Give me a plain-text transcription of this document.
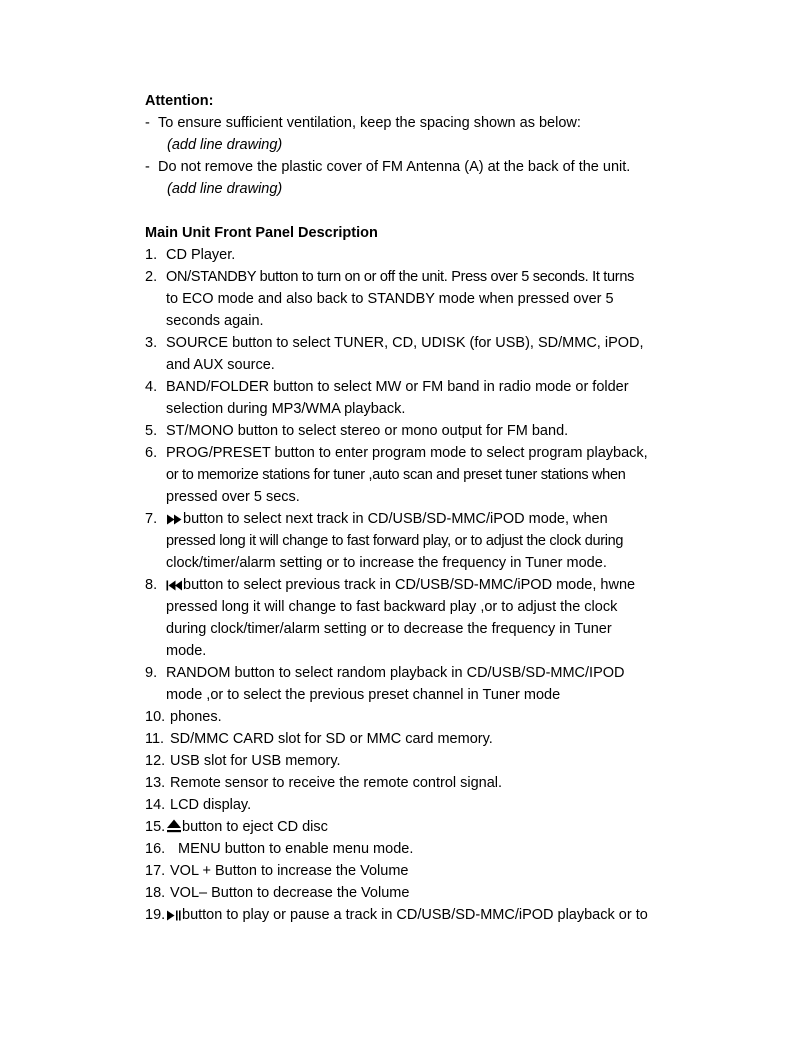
Attention:
- To ensure sufficient ventilation, keep the spacing shown as below:
(add line drawing)
- Do not remove the plastic cover of FM Antenna (A) at the back of the unit.
(add line drawing)
Main Unit Front Panel Description
1. CD Player.
2. ON/STANDBY button to turn on or off the unit. Press over 5 seconds. It turns
to ECO mode and also back to STANDBY mode when pressed over 5
seconds again.
3. SOURCE button to select TUNER, CD, UDISK (for USB), SD/MMC, iPOD,
and AUX source.
4. BAND/FOLDER button to select MW or FM band in radio mode or folder
selection during MP3/WMA playback.
5. ST/MONO button to select stereo or mono output for FM band.
6. PROG/PRESET button to enter program mode to select program playback,
or to memorize stations for tuner ,auto scan and preset tuner stations when
pressed over 5 secs.
7.	button to select next track in CD/USB/SD-MMC/iPOD mode, when
pressed long it will change to fast forward play, or to adjust the clock during
clock/timer/alarm setting or to increase the frequency in Tuner mode.
8.	button to select previous track in CD/USB/SD-MMC/iPOD mode, hwne
pressed long it will change to fast backward play ,or to adjust the clock
during clock/timer/alarm setting or to decrease the frequency in Tuner
mode.
9. RANDOM button to select random playback in CD/USB/SD-MMC/IPOD
mode ,or to select the previous preset channel in Tuner mode
10. phones.
11. SD/MMC CARD slot for SD or MMC card memory.
12. USB slot for USB memory.
13. Remote sensor to receive the remote control signal.
14. LCD display.
15.	button to eject CD disc
16. MENU button to enable menu mode.
17. VOL + Button to increase the Volume
18. VOL– Button to decrease the Volume
19.	button to play or pause a track in CD/USB/SD-MMC/iPOD playback or to
